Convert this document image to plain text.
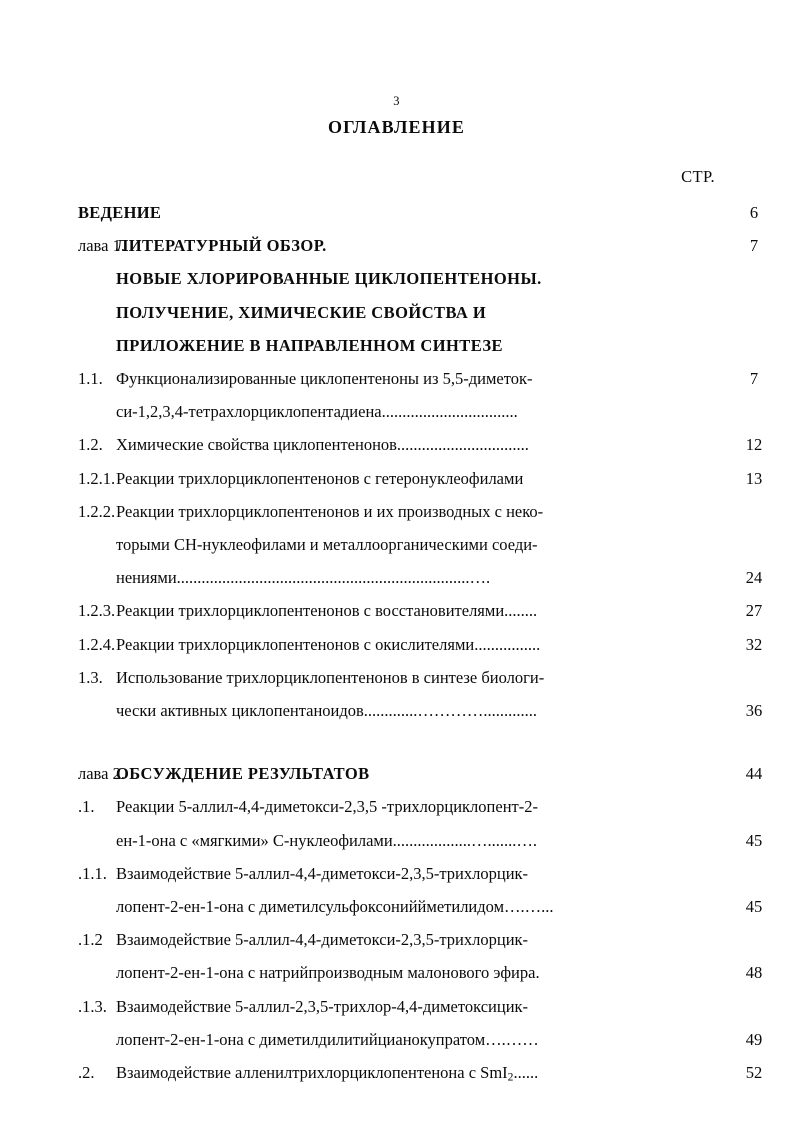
3
ОГЛАВЛЕНИЕ
СТР.
ВЕДЕНИЕ	6
лава 1.
ЛИТЕРАТУРНЫЙ ОБЗОР.	7
НОВЫЕ ХЛОРИРОВАННЫЕ ЦИКЛОПЕНТЕНОНЫ.
ПОЛУЧЕНИЕ, ХИМИЧЕСКИЕ СВОЙСТВА И
ПРИЛОЖЕНИЕ В НАПРАВЛЕННОМ СИНТЕЗЕ
1.1. Функционализированные циклопентеноны из 5,5-диметок-	7
си-1,2,3,4-тетрахлорциклопентадиена.................................
1.2. Химические свойства циклопентенонов................................	12
1.2.1. Реакции трихлорциклопентенонов с гетеронуклеофилами	13
1.2.2. Реакции трихлорциклопентенонов и их производных с неко-
торыми СН-нуклеофилами и металлоорганическими соеди-
нениями.......................................................................….	24
1.2.3. Реакции трихлорциклопентенонов с восстановителями........	27
1.2.4. Реакции трихлорциклопентенонов с окислителями................	32
1.3. Использование трихлорциклопентенонов в синтезе биологи-
чески активных циклопентаноидов.............………….............	36
лава 2.
ОБСУЖДЕНИЕ РЕЗУЛЬТАТОВ	44
.1.	Реакции 5-аллил-4,4-диметокси-2,3,5 -трихлорциклопент-2-
ен-1-она с «мягкими» С-нуклеофилами...................….......….	45
.1.1. Взаимодействие 5-аллил-4,4-диметокси-2,3,5-трихлорцик-
лопент-2-ен-1-она с диметилсульфоксониййметилидом….…...	45
.1.2 Взаимодействие 5-аллил-4,4-диметокси-2,3,5-трихлорцик-
лопент-2-ен-1-она с натрийпроизводным малонового эфира.	48
.1.3. Взаимодействие 5-аллил-2,3,5-трихлор-4,4-диметоксицик-
лопент-2-ен-1-она с диметилдилитийцианокупратом….……	49
.2.	Взаимодействие алленилтрихлорциклопентенона с SmI$_2$......	52
